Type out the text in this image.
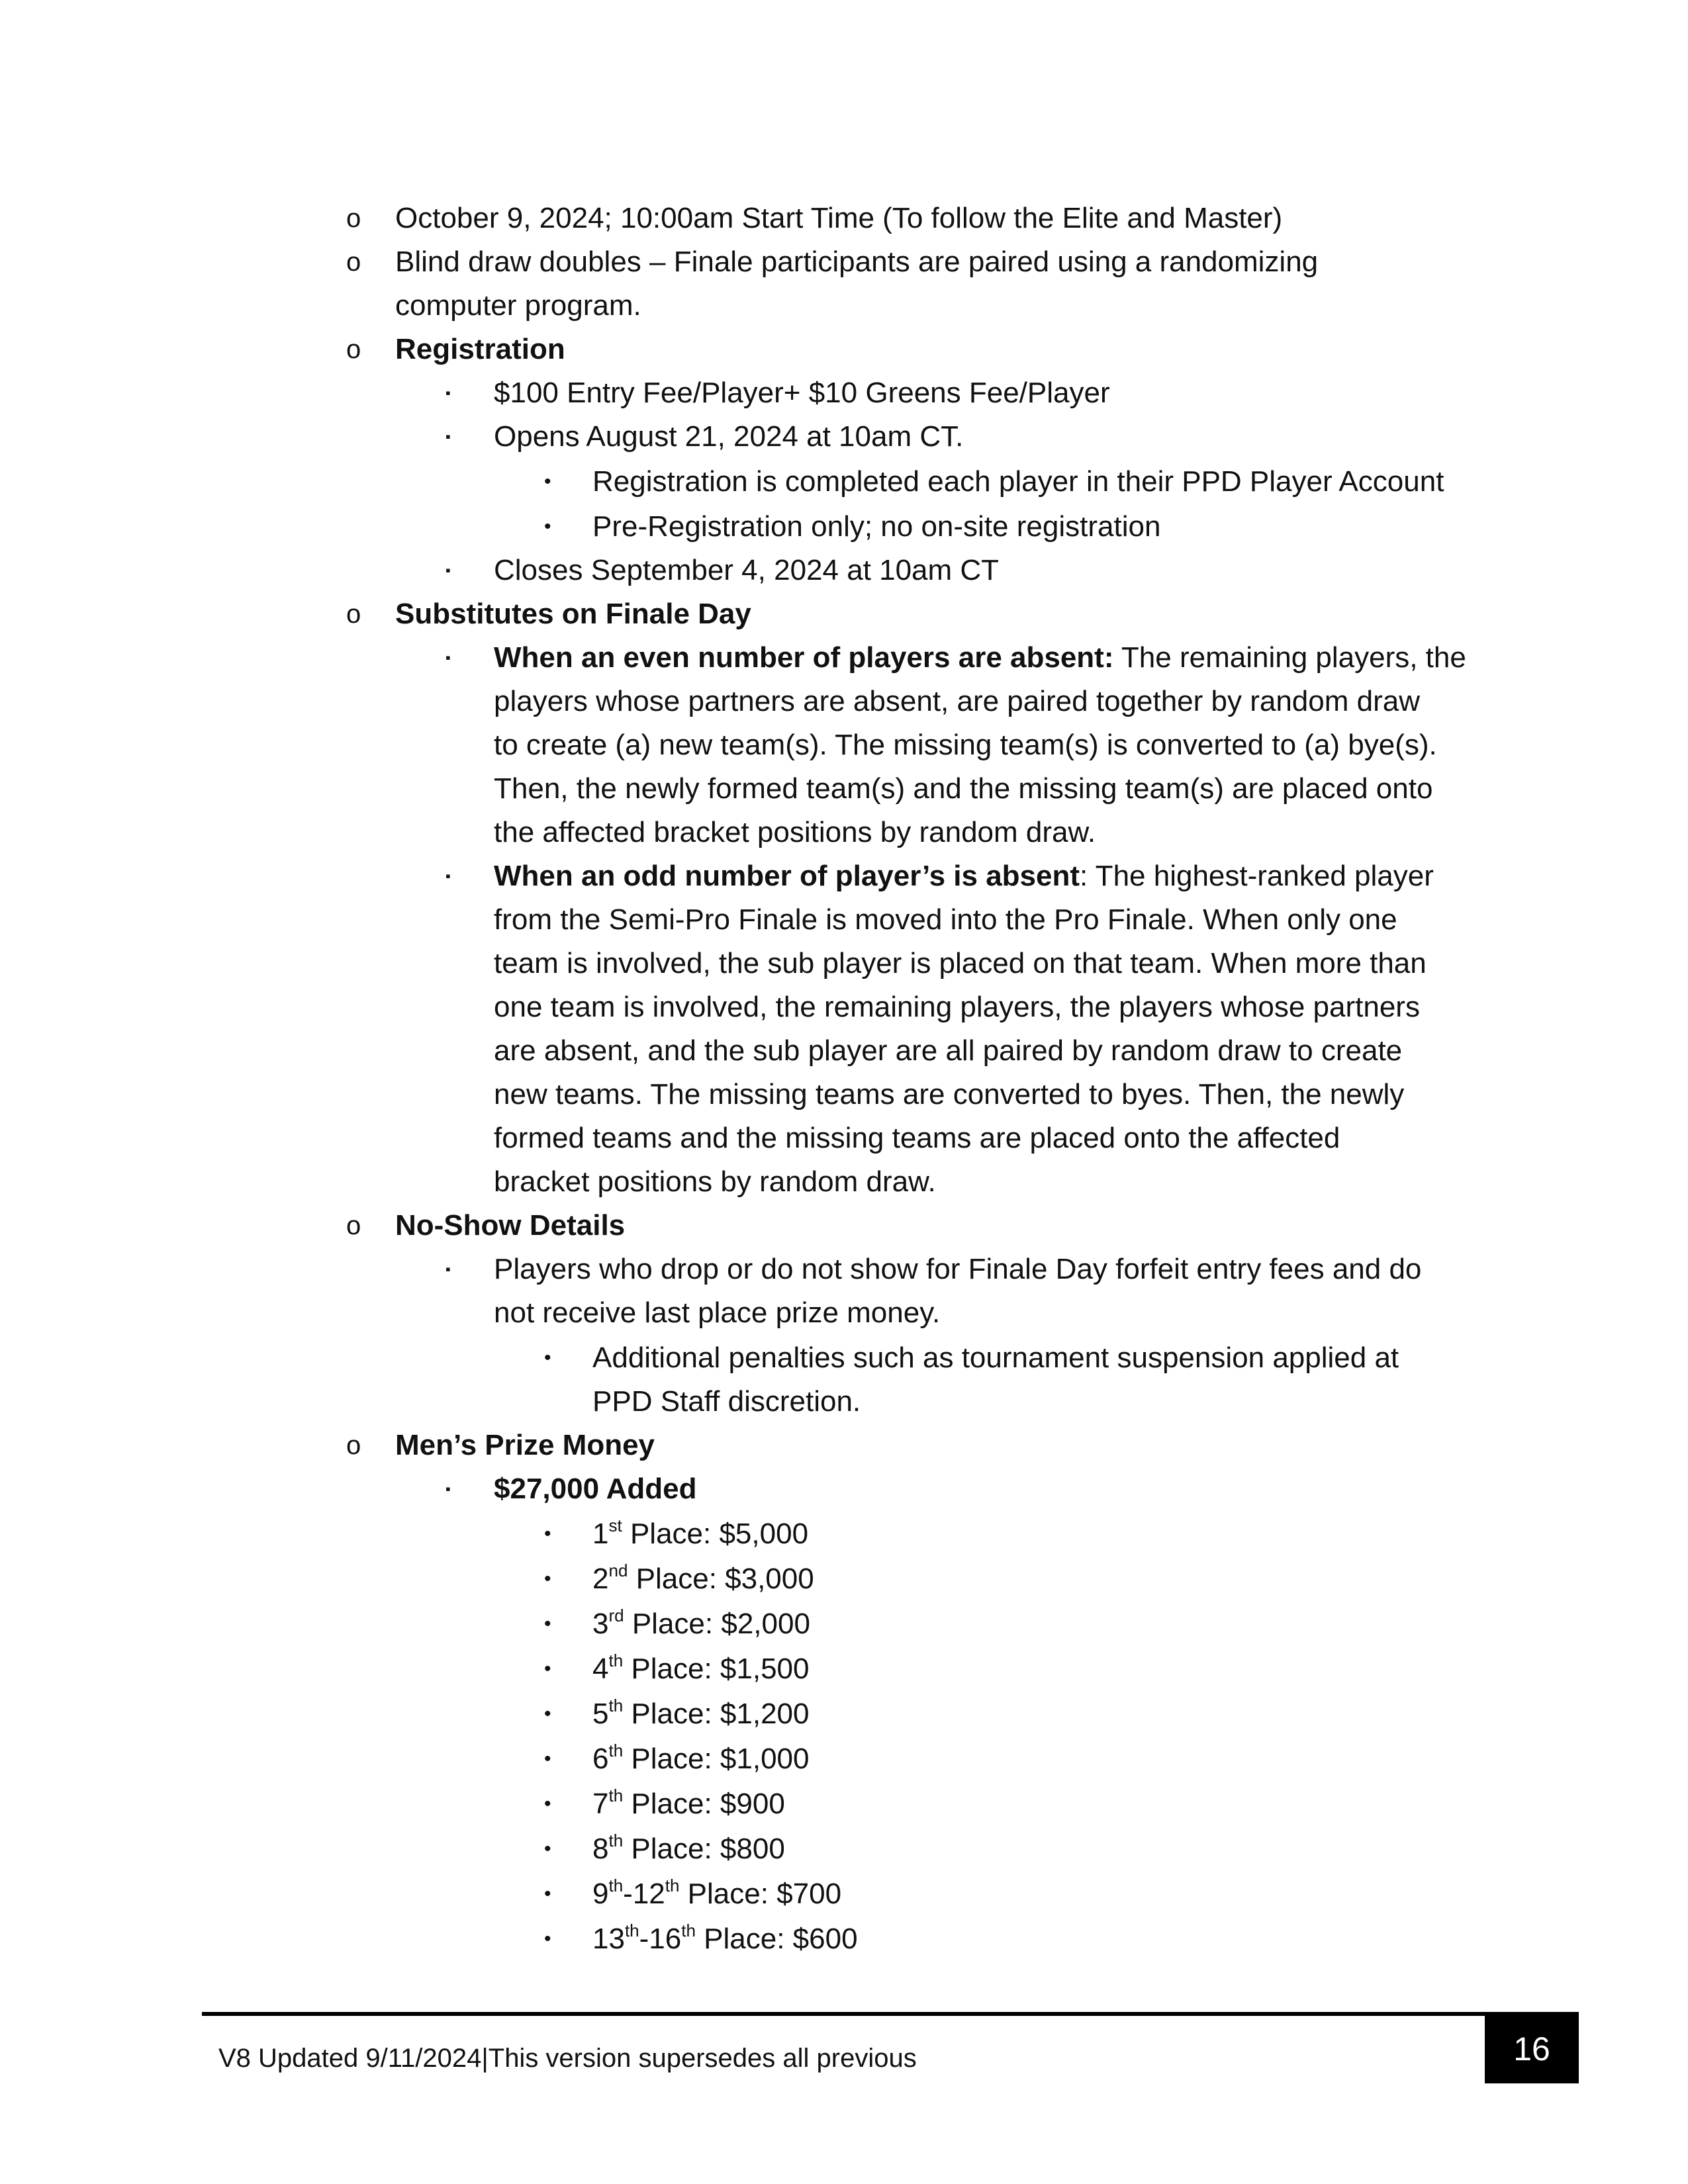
o October 9, 2024; 10:00am Start Time (To follow the Elite and Master)
o Blind draw doubles – Finale participants are paired using a randomizing
computer program.
o Registration
▪ $100 Entry Fee/Player+ $10 Greens Fee/Player
▪ Opens August 21, 2024 at 10am CT.
• Registration is completed each player in their PPD Player Account
• Pre-Registration only; no on-site registration
▪ Closes September 4, 2024 at 10am CT
o Substitutes on Finale Day
▪ When an even number of players are absent: The remaining players, the
players whose partners are absent, are paired together by random draw
to create (a) new team(s). The missing team(s) is converted to (a) bye(s).
Then, the newly formed team(s) and the missing team(s) are placed onto
the affected bracket positions by random draw.
▪ When an odd number of player’s is absent: The highest-ranked player
from the Semi-Pro Finale is moved into the Pro Finale. When only one
team is involved, the sub player is placed on that team. When more than
one team is involved, the remaining players, the players whose partners
are absent, and the sub player are all paired by random draw to create
new teams. The missing teams are converted to byes. Then, the newly
formed teams and the missing teams are placed onto the affected
bracket positions by random draw.
o No-Show Details
▪ Players who drop or do not show for Finale Day forfeit entry fees and do
not receive last place prize money.
• Additional penalties such as tournament suspension applied at
PPD Staff discretion.
o Men’s Prize Money
▪ $27,000 Added
• 1st Place: $5,000
• 2nd Place: $3,000
• 3rd Place: $2,000
• 4th Place: $1,500
• 5th Place: $1,200
• 6th Place: $1,000
• 7th Place: $900
• 8th Place: $800
• 9th-12th Place: $700
• 13th-16th Place: $600
V8 Updated 9/11/2024|This version supersedes all previous	16
